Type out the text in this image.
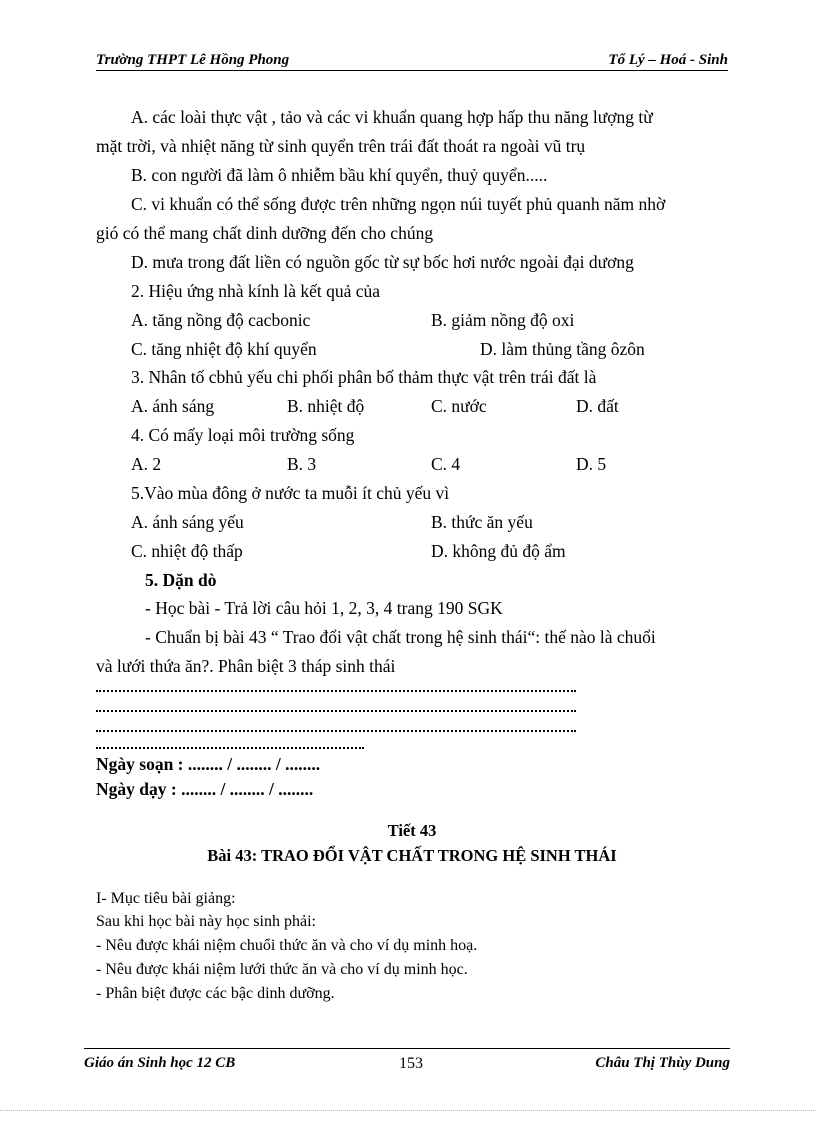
Trường THPT Lê Hồng Phong	Tổ Lý – Hoá - Sinh
A. các loài thực vật , tảo và các vi khuẩn quang hợp hấp thu năng lượng từ
mặt trời, và nhiệt năng từ sinh quyển trên trái đất thoát ra ngoài vũ trụ
B. con người đã làm ô nhiễm bầu khí quyển, thuỷ quyển.....
C. vi khuẩn có thể sống được trên những ngọn núi tuyết phủ quanh năm nhờ
gió có thể mang chất dinh dưỡng đến cho chúng
D. mưa trong đất liền có nguồn gốc từ sự bốc hơi nước ngoài đại dương
2. Hiệu ứng nhà kính là kết quả của
A. tăng nồng độ cacbonic	B. giảm nồng độ oxi
C. tăng nhiệt độ khí quyển	D. làm thủng tầng ôzôn
3. Nhân tố cbhủ yếu chi phối phân bố thảm thực vật trên trái đất là
A. ánh sáng	B. nhiệt độ	C. nước	D. đất
4. Có mấy loại môi trường sống
A. 2	B. 3	C. 4	D. 5
5.Vào mùa đông ở nước ta muỗi ít chủ yếu vì
A. ánh sáng yếu	B. thức ăn yếu
C. nhiệt độ thấp	D. không đủ độ ẩm
5. Dặn dò
- Học bài - Trả lời câu hỏi 1, 2, 3, 4 trang 190 SGK
- Chuẩn bị bài 43 “ Trao đổi vật chất trong hệ sinh thái“: thế nào là chuổi
và lưới thứa ăn?. Phân biệt 3 tháp sinh thái
Ngày soạn : ........ / ........ / ........
Ngày dạy : ........ / ........ / ........
Tiết 43
Bài 43: TRAO ĐỔI VẬT CHẤT TRONG HỆ SINH THÁI
I- Mục tiêu bài giảng:
Sau khi học bài này học sinh phải:
- Nêu được khái niệm chuổi thức ăn và cho ví dụ minh hoạ.
- Nêu được khái niệm lưới thức ăn và cho ví dụ minh học.
- Phân biệt được các bậc dinh dưỡng.
Giáo án Sinh học 12 CB	153	Châu Thị Thùy Dung
